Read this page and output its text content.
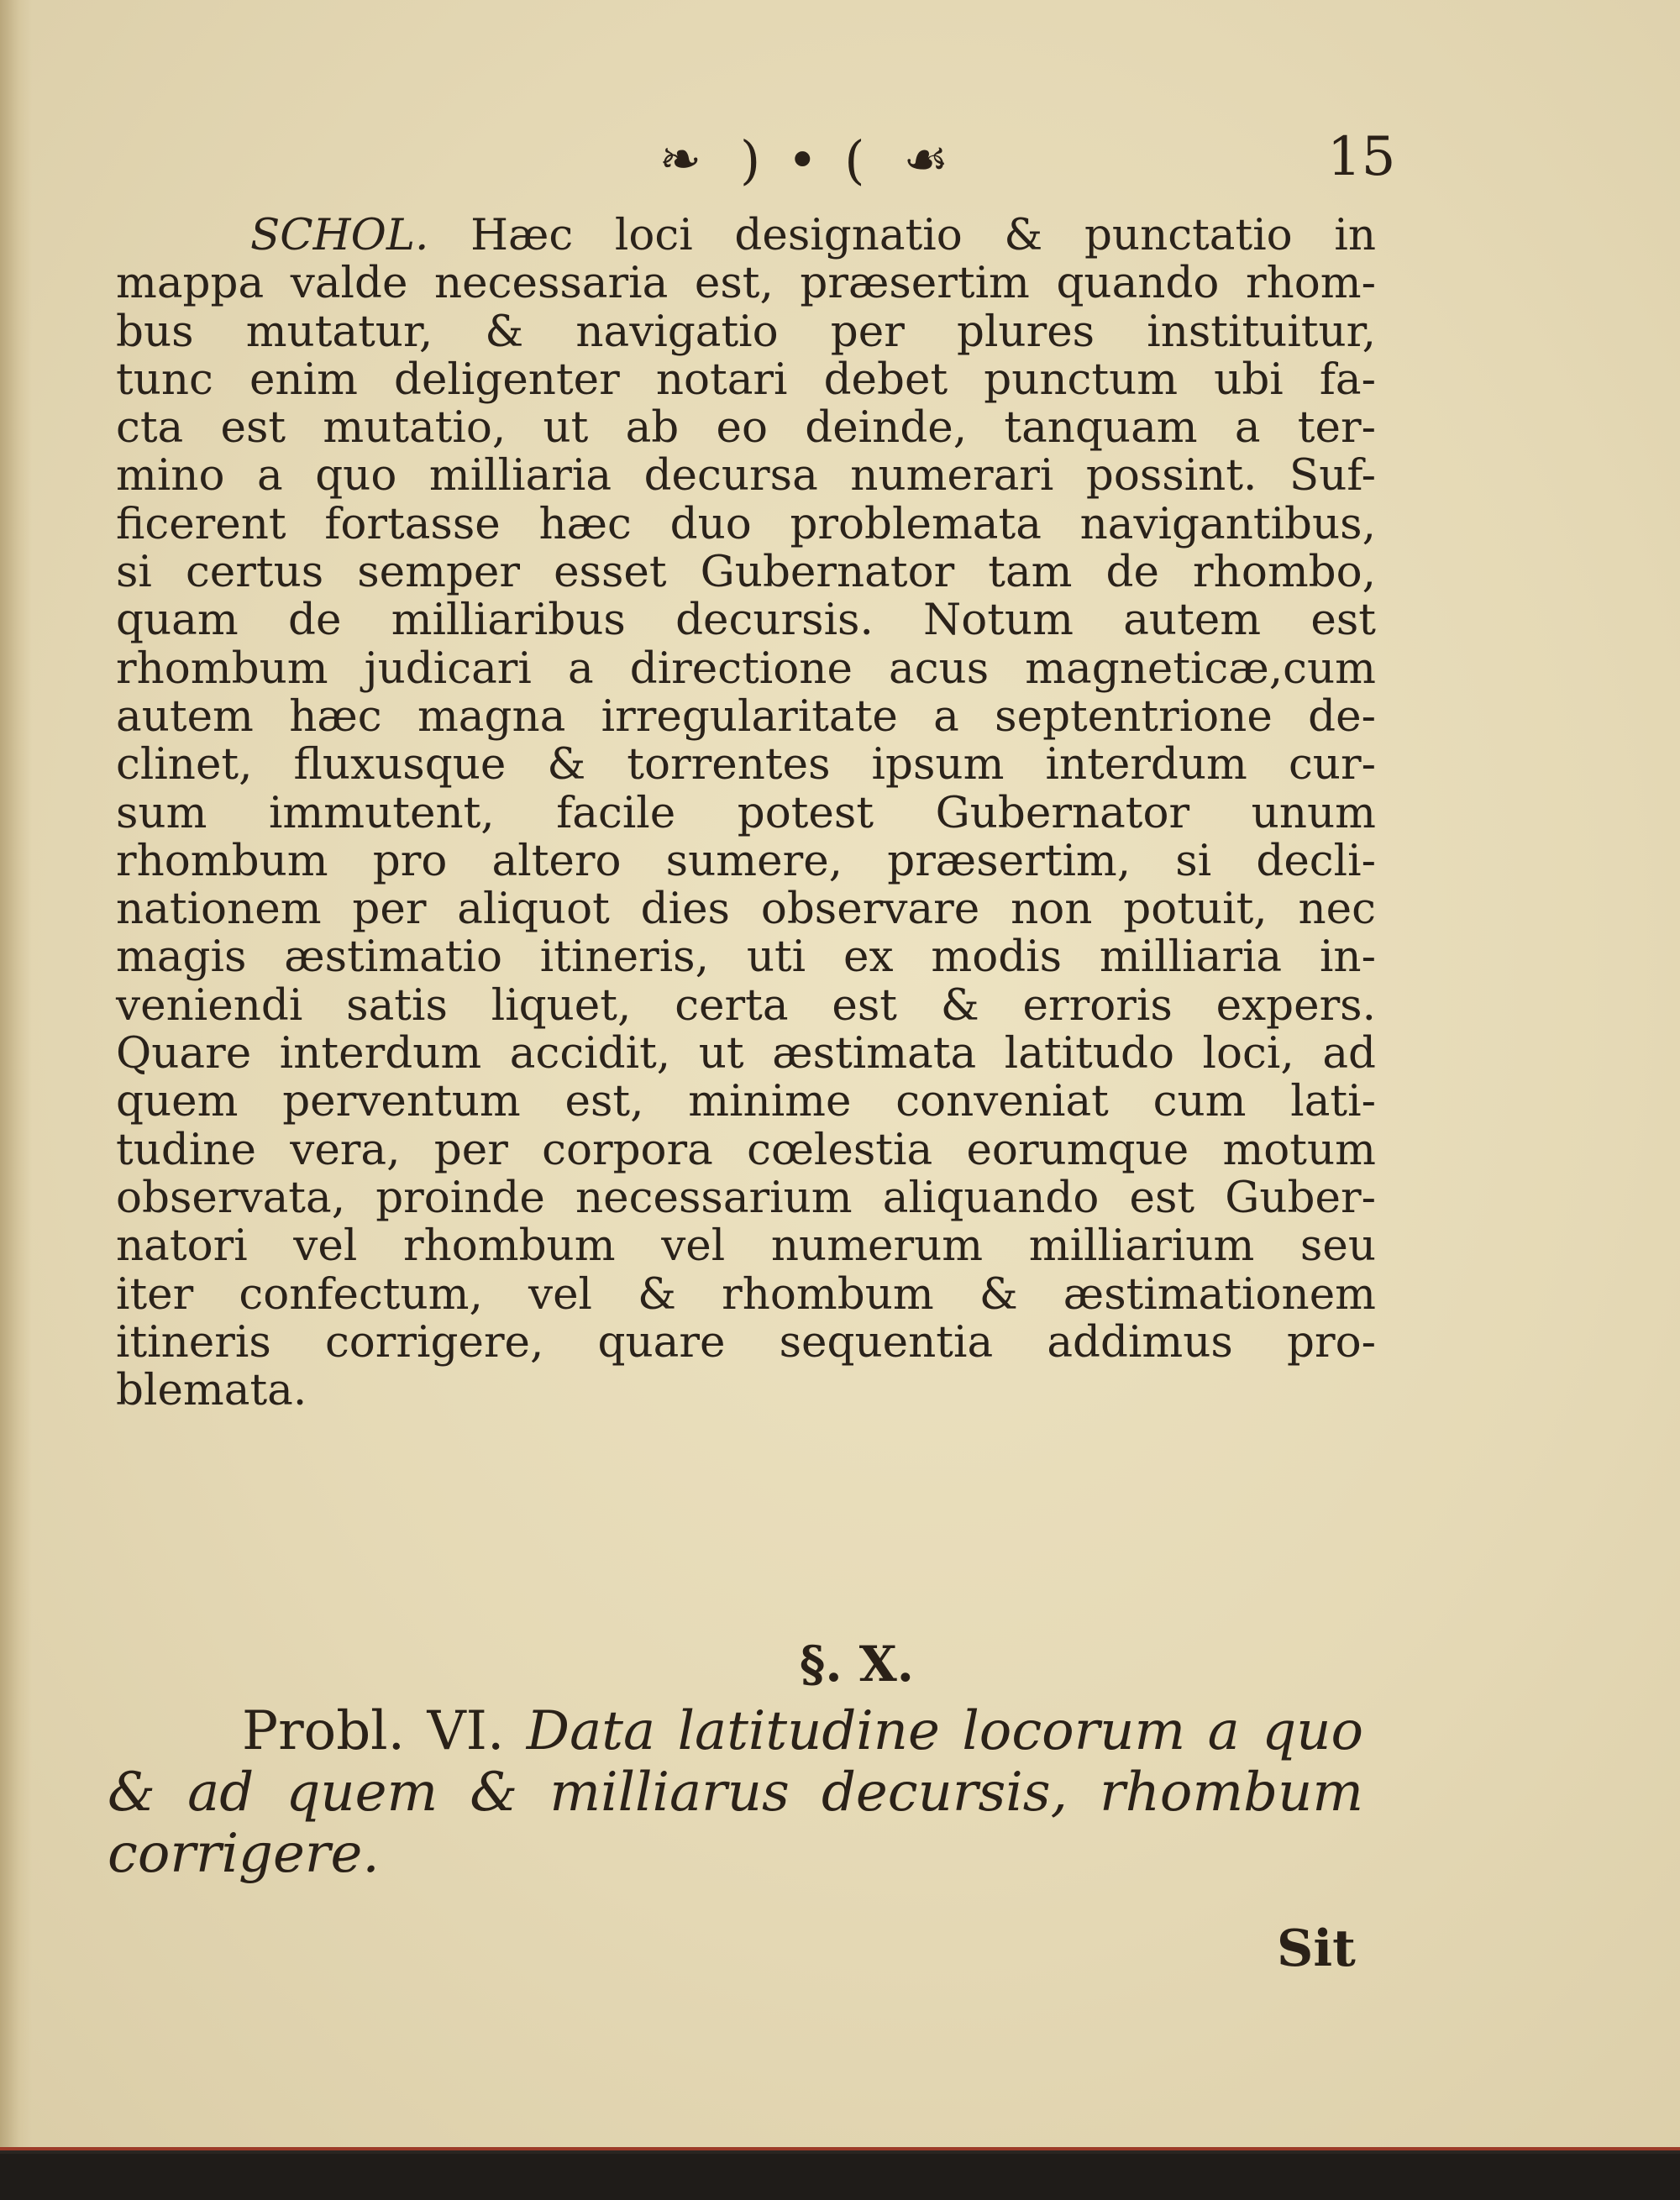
❧ ) • ( ☙	15
SCHOL. Hæc loci designatio & punctatio in
mappa valde necessaria est, præsertim quando rhom-
bus mutatur, & navigatio per plures instituitur,
tunc enim deligenter notari debet punctum ubi fa-
cta est mutatio, ut ab eo deinde, tanquam a ter-
mino a quo milliaria decursa numerari possint. Suf-
ficerent fortasse hæc duo problemata navigantibus,
si certus semper esset Gubernator tam de rhombo,
quam de milliaribus decursis. Notum autem est
rhombum judicari a directione acus magneticæ,cum
autem hæc magna irregularitate a septentrione de-
clinet, fluxusque & torrentes ipsum interdum cur-
sum immutent, facile potest Gubernator unum
rhombum pro altero sumere, præsertim, si decli-
nationem per aliquot dies observare non potuit, nec
magis æstimatio itineris, uti ex modis milliaria in-
veniendi satis liquet, certa est & erroris expers.
Quare interdum accidit, ut æstimata latitudo loci, ad
quem perventum est, minime conveniat cum lati-
tudine vera, per corpora cœlestia eorumque motum
observata, proinde necessarium aliquando est Guber-
natori vel rhombum vel numerum milliarium seu
iter confectum, vel & rhombum & æstimationem
itineris corrigere, quare sequentia addimus pro-
blemata.
§. X.
Probl. VI. Data latitudine locorum a quo
& ad quem & milliarus decursis, rhombum
corrigere.
Sit
